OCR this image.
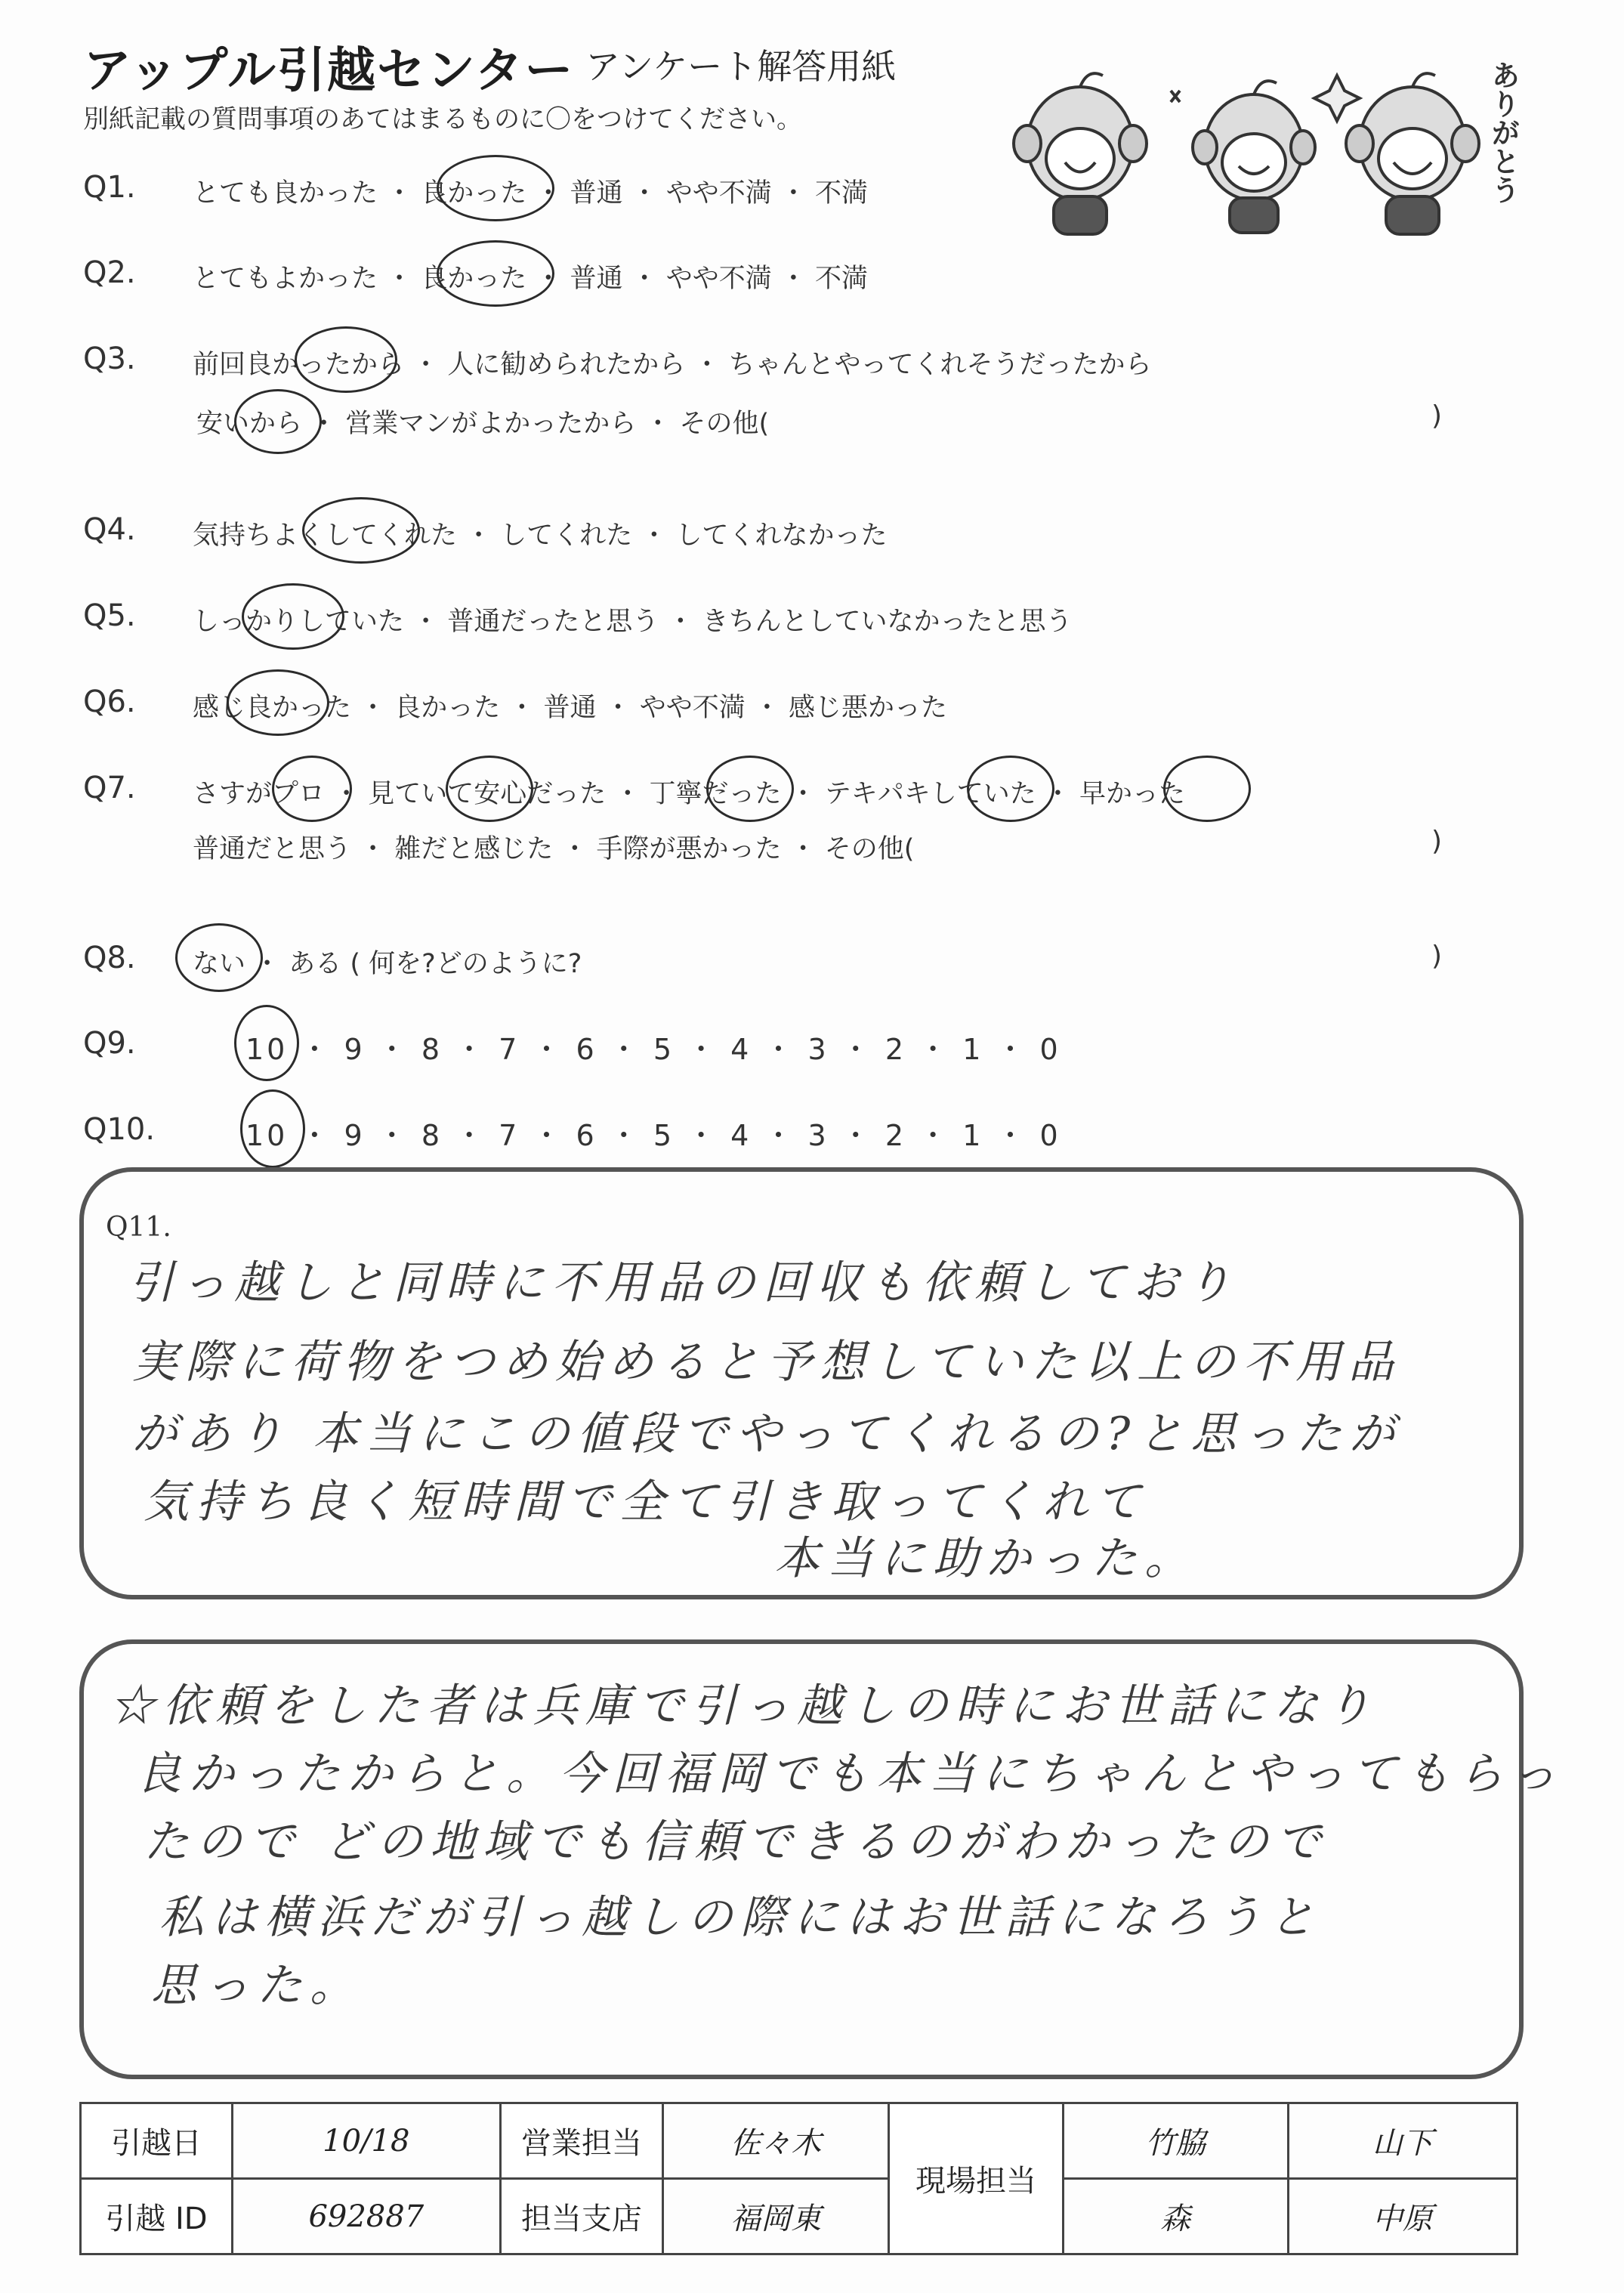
アップル引越センター アンケート解答用紙
別紙記載の質問事項のあてはまるものに〇をつけてください。	ありがとう
Q1. とても良かった ・ 良かった ・ 普通 ・ やや不満 ・ 不満
Q2. とてもよかった ・ 良かった ・ 普通 ・ やや不満 ・ 不満
Q3. 前回良かったから ・ 人に勧められたから ・ ちゃんとやってくれそうだったから
安いから ・ 営業マンがよかったから ・ その他(	)
Q4. 気持ちよくしてくれた ・ してくれた ・ してくれなかった
Q5. しっかりしていた ・ 普通だったと思う ・ きちんとしていなかったと思う
Q6. 感じ良かった ・ 良かった ・ 普通 ・ やや不満 ・ 感じ悪かった
Q7. さすがプロ ・ 見ていて安心だった ・ 丁寧だった ・ テキパキしていた ・ 早かった
普通だと思う ・ 雑だと感じた ・ 手際が悪かった ・ その他(	)
Q8. ない ・ ある ( 何を?どのように?	)
Q9.	10 ・ 9 ・ 8 ・ 7 ・ 6 ・ 5 ・ 4 ・ 3 ・ 2 ・ 1 ・ 0
Q10.	10 ・ 9 ・ 8 ・ 7 ・ 6 ・ 5 ・ 4 ・ 3 ・ 2 ・ 1 ・ 0
Q11.
引っ越しと同時に不用品の回収も依頼しており
実際に荷物をつめ始めると予想していた以上の不用品
があり 本当にこの値段でやってくれるの?と思ったが
気持ち良く短時間で全て引き取ってくれて
本当に助かった。
☆依頼をした者は兵庫で引っ越しの時にお世話になり
良かったからと。今回福岡でも本当にちゃんとやってもらっ
たので どの地域でも信頼できるのがわかったので
私は横浜だが引っ越しの際にはお世話になろうと
思った。
引越日	10/18	営業担当	佐々木	現場担当	竹脇	山下
引越 ID	692887	担当支店	福岡東		森	中原
